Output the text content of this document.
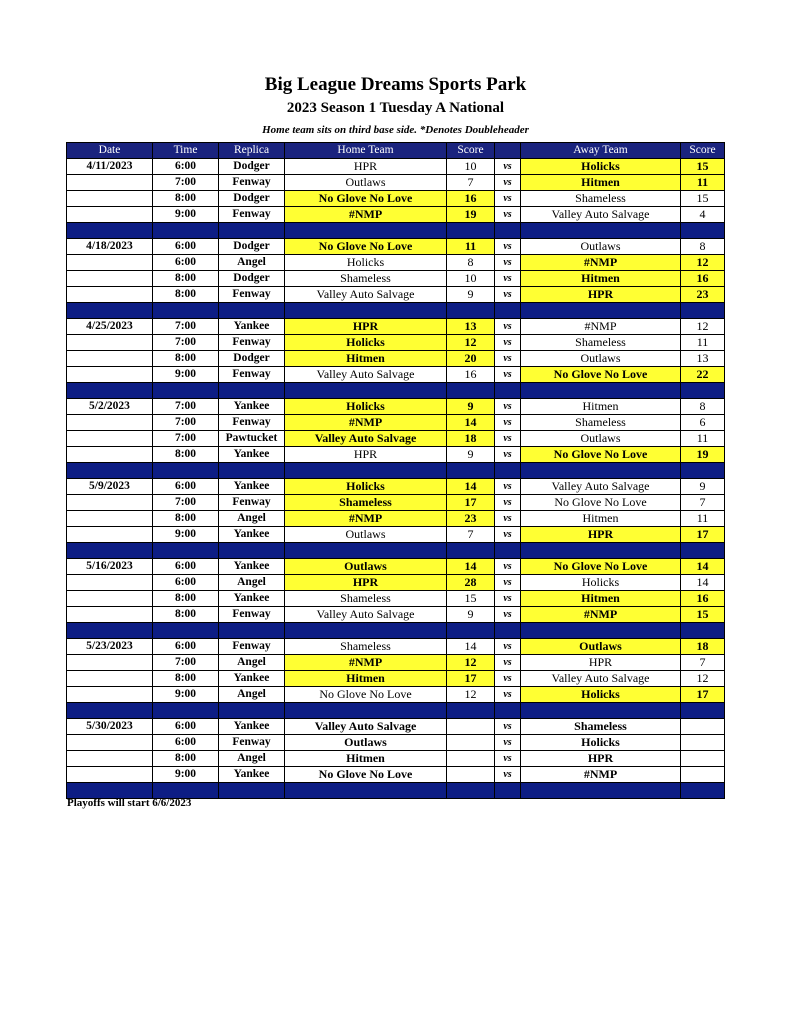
Big League Dreams Sports Park
2023 Season 1 Tuesday A National
Home team sits on third base side. *Denotes Doubleheader
Date	Time	Replica	Home Team	Score		Away Team	Score
4/11/2023	6:00	Dodger	HPR	10	vs	Holicks	15
	7:00	Fenway	Outlaws	7	vs	Hitmen	11
	8:00	Dodger	No Glove No Love	16	vs	Shameless	15
	9:00	Fenway	#NMP	19	vs	Valley Auto Salvage	4

4/18/2023	6:00	Dodger	No Glove No Love	11	vs	Outlaws	8
	6:00	Angel	Holicks	8	vs	#NMP	12
	8:00	Dodger	Shameless	10	vs	Hitmen	16
	8:00	Fenway	Valley Auto Salvage	9	vs	HPR	23

4/25/2023	7:00	Yankee	HPR	13	vs	#NMP	12
	7:00	Fenway	Holicks	12	vs	Shameless	11
	8:00	Dodger	Hitmen	20	vs	Outlaws	13
	9:00	Fenway	Valley Auto Salvage	16	vs	No Glove No Love	22

5/2/2023	7:00	Yankee	Holicks	9	vs	Hitmen	8
	7:00	Fenway	#NMP	14	vs	Shameless	6
	7:00	Pawtucket	Valley Auto Salvage	18	vs	Outlaws	11
	8:00	Yankee	HPR	9	vs	No Glove No Love	19

5/9/2023	6:00	Yankee	Holicks	14	vs	Valley Auto Salvage	9
	7:00	Fenway	Shameless	17	vs	No Glove No Love	7
	8:00	Angel	#NMP	23	vs	Hitmen	11
	9:00	Yankee	Outlaws	7	vs	HPR	17

5/16/2023	6:00	Yankee	Outlaws	14	vs	No Glove No Love	14
	6:00	Angel	HPR	28	vs	Holicks	14
	8:00	Yankee	Shameless	15	vs	Hitmen	16
	8:00	Fenway	Valley Auto Salvage	9	vs	#NMP	15

5/23/2023	6:00	Fenway	Shameless	14	vs	Outlaws	18
	7:00	Angel	#NMP	12	vs	HPR	7
	8:00	Yankee	Hitmen	17	vs	Valley Auto Salvage	12
	9:00	Angel	No Glove No Love	12	vs	Holicks	17

5/30/2023	6:00	Yankee	Valley Auto Salvage		vs	Shameless	
	6:00	Fenway	Outlaws		vs	Holicks	
	8:00	Angel	Hitmen		vs	HPR	
	9:00	Yankee	No Glove No Love		vs	#NMP	

Playoffs will start 6/6/2023
